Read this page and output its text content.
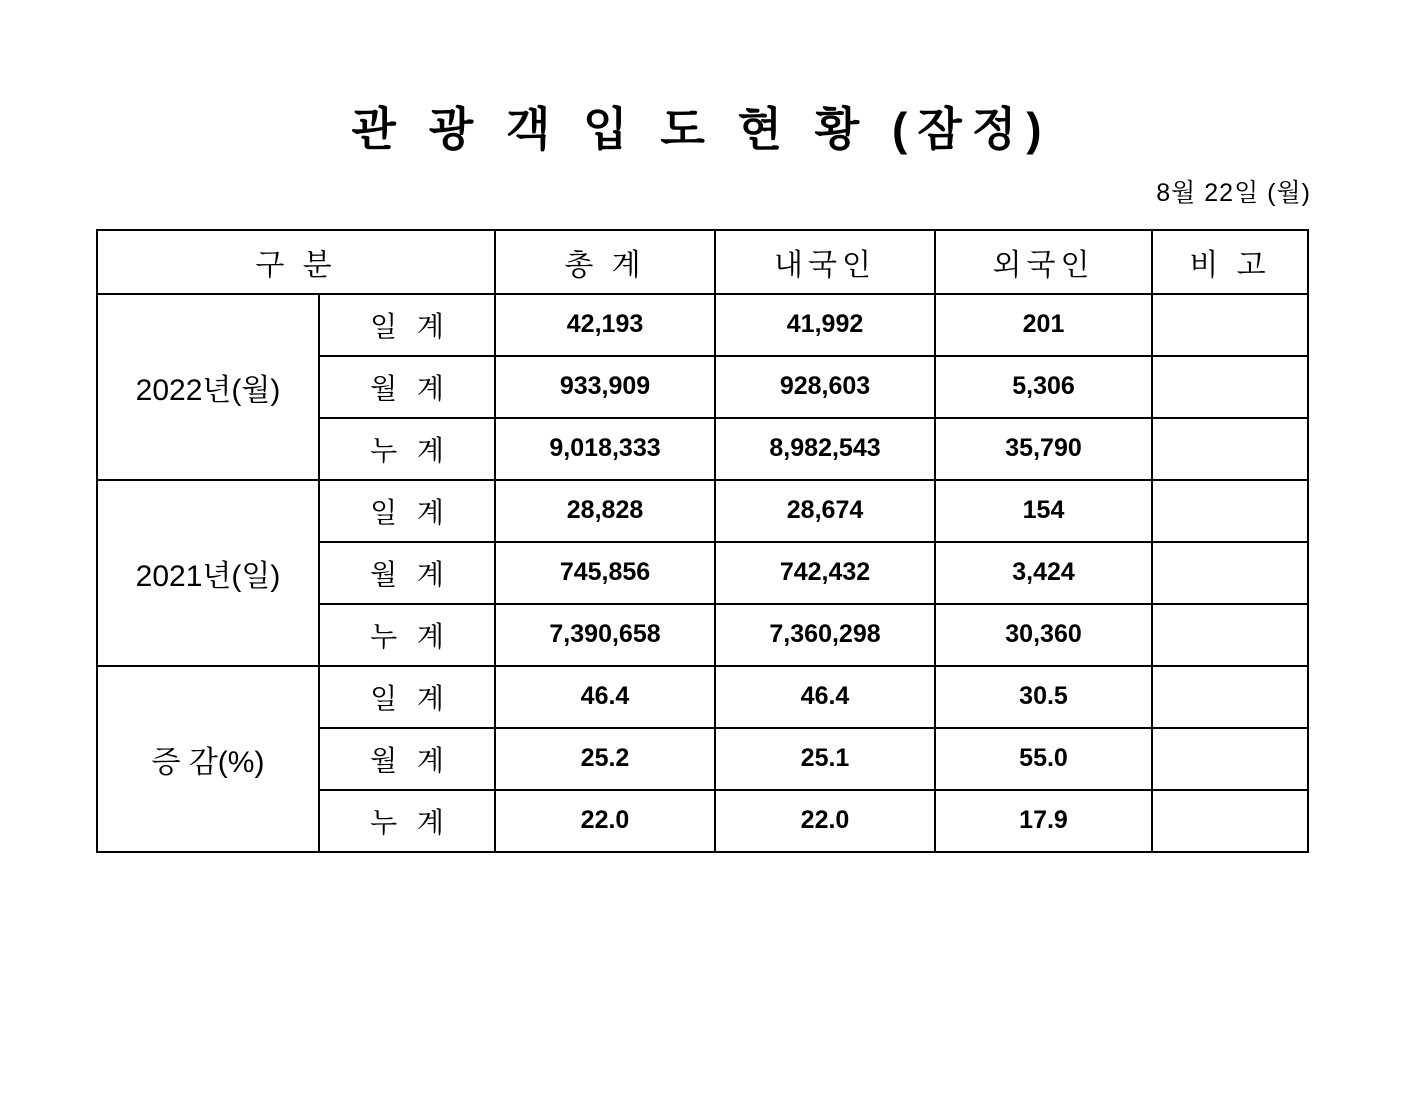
관 광 객 입 도 현 황 (잠정)
8월 22일 (월)
구 분		총 계	내국인	외국인	비 고
2022년(월)	일 계	42,193	41,992	201	
	월 계	933,909	928,603	5,306	
	누 계	9,018,333	8,982,543	35,790	
2021년(일)	일 계	28,828	28,674	154	
	월 계	745,856	742,432	3,424	
	누 계	7,390,658	7,360,298	30,360	
증 감(%)	일 계	46.4	46.4	30.5	
	월 계	25.2	25.1	55.0	
	누 계	22.0	22.0	17.9	
